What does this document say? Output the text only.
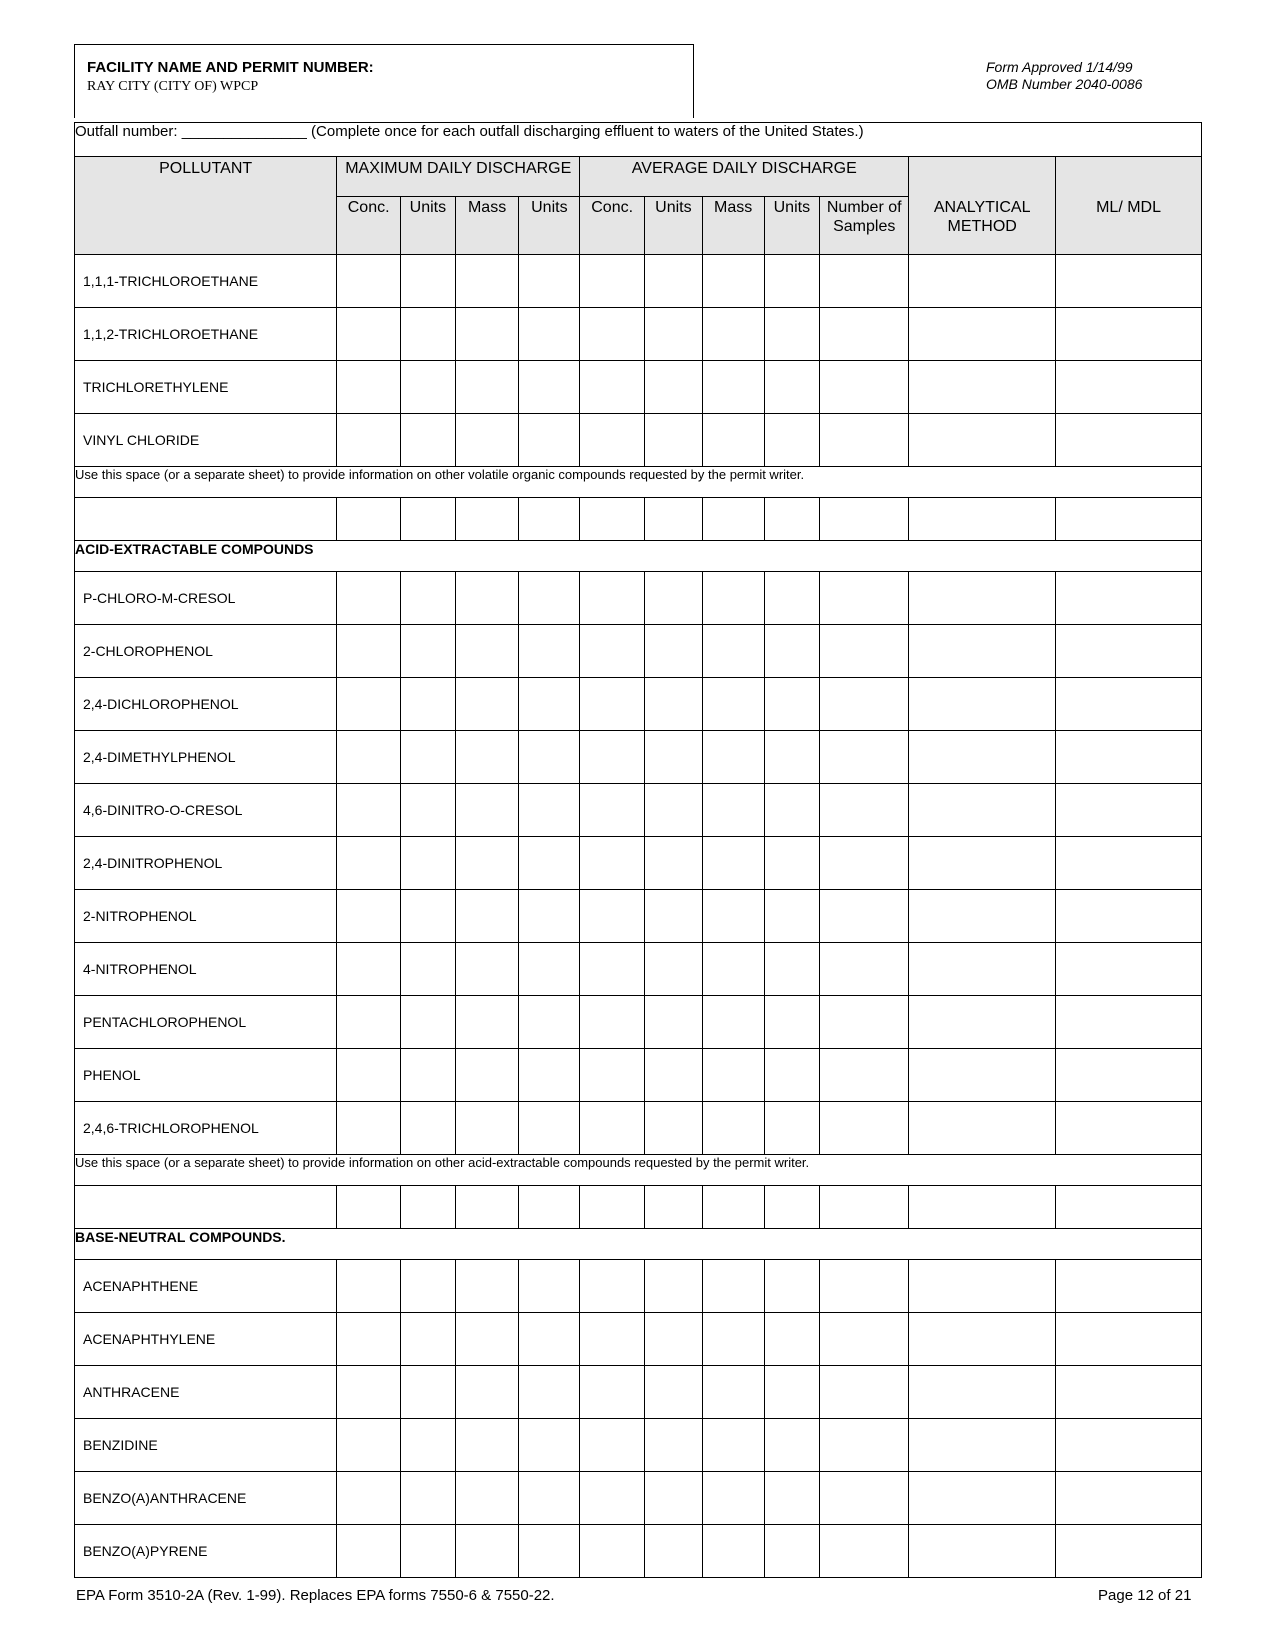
FACILITY NAME AND PERMIT NUMBER:
RAY CITY (CITY OF) WPCP
Form Approved 1/14/99
OMB Number 2040-0086
Outfall number: _______________ (Complete once for each outfall discharging effluent to waters of the United States.)											
POLLUTANT	MAXIMUM DAILY DISCHARGE				AVERAGE DAILY DISCHARGE						
	Conc.	Units	Mass	Units	Conc.	Units	Mass	Units	Number of Samples	ANALYTICAL METHOD	ML/ MDL
1,1,1-TRICHLOROETHANE											
1,1,2-TRICHLOROETHANE											
TRICHLORETHYLENE											
VINYL CHLORIDE											
Use this space (or a separate sheet) to provide information on other volatile organic compounds requested by the permit writer.											

ACID-EXTRACTABLE COMPOUNDS											
P-CHLORO-M-CRESOL											
2-CHLOROPHENOL											
2,4-DICHLOROPHENOL											
2,4-DIMETHYLPHENOL											
4,6-DINITRO-O-CRESOL											
2,4-DINITROPHENOL											
2-NITROPHENOL											
4-NITROPHENOL											
PENTACHLOROPHENOL											
PHENOL											
2,4,6-TRICHLOROPHENOL											
Use this space (or a separate sheet) to provide information on other acid-extractable compounds requested by the permit writer.											

BASE-NEUTRAL COMPOUNDS.											
ACENAPHTHENE											
ACENAPHTHYLENE											
ANTHRACENE											
BENZIDINE											
BENZO(A)ANTHRACENE											
BENZO(A)PYRENE											
EPA Form 3510-2A (Rev. 1-99). Replaces EPA forms 7550-6 & 7550-22.	Page 12 of 21
